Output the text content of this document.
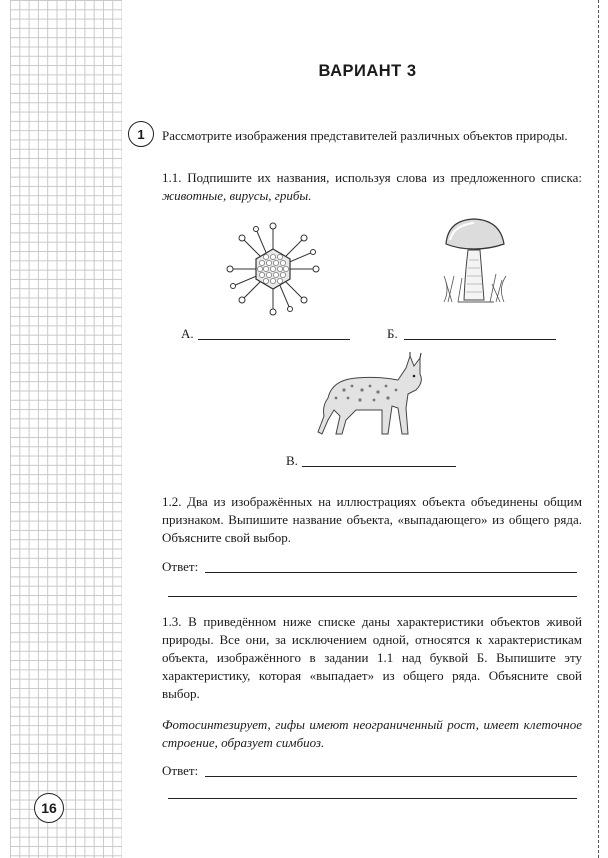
ВАРИАНТ 3
1	Рассмотрите изображения представителей различных объектов природы.
1.1. Подпишите их названия, используя слова из предложенного списка: животные, вирусы, грибы.
А.	Б.
В.
1.2. Два из изображённых на иллюстрациях объекта объединены общим признаком. Выпишите название объекта, «выпадающего» из общего ряда. Объясните свой выбор.
Ответ:
1.3. В приведённом ниже списке даны характеристики объектов живой природы. Все они, за исключением одной, относятся к характеристикам объекта, изображённого в задании 1.1 над буквой Б. Выпишите эту характеристику, которая «выпадает» из общего ряда. Объясните свой выбор.
Фотосинтезирует, гифы имеют неограниченный рост, имеет клеточное строение, образует симбиоз.
Ответ:
16
